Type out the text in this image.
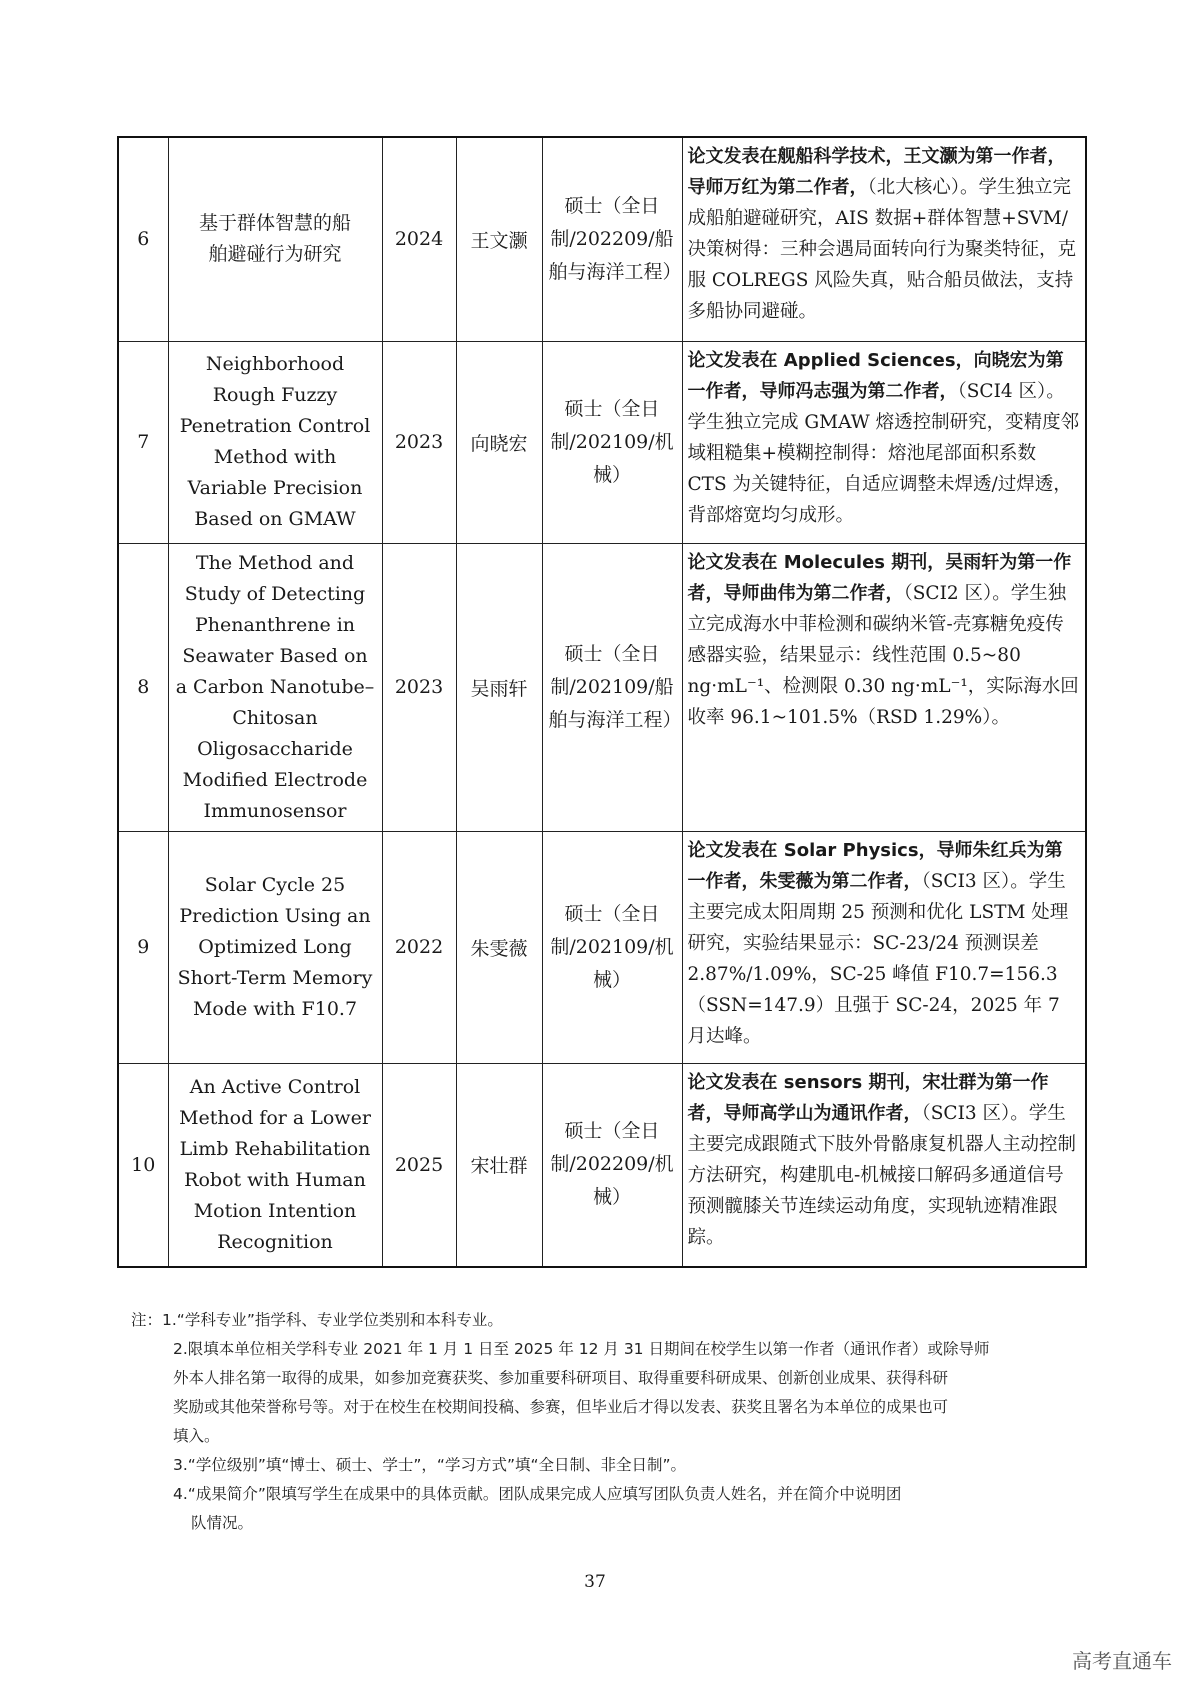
6	基于群体智慧的船舶避碰行为研究	2024	王文灏	硕士（全日制/202209/船舶与海洋工程）	论文发表在舰船科学技术，王文灏为第一作者，导师万红为第二作者，（北大核心）。学生独立完成船舶避碰研究，AIS 数据+群体智慧+SVM/决策树得：三种会遇局面转向行为聚类特征，克服 COLREGS 风险失真，贴合船员做法，支持多船协同避碰。
7	Neighborhood Rough Fuzzy Penetration Control Method with Variable Precision Based on GMAW	2023	向晓宏	硕士（全日制/202109/机械）	论文发表在 Applied Sciences，向晓宏为第一作者，导师冯志强为第二作者，（SCI4 区）。学生独立完成 GMAW 熔透控制研究，变精度邻域粗糙集+模糊控制得：熔池尾部面积系数 CTS 为关键特征，自适应调整未焊透/过焊透，背部熔宽均匀成形。
8	The Method and Study of Detecting Phenanthrene in Seawater Based on a Carbon Nanotube–Chitosan Oligosaccharide Modified Electrode Immunosensor	2023	吴雨轩	硕士（全日制/202109/船舶与海洋工程）	论文发表在 Molecules 期刊，吴雨轩为第一作者，导师曲伟为第二作者，（SCI2 区）。学生独立完成海水中菲检测和碳纳米管-壳寡糖免疫传感器实验，结果显示：线性范围 0.5~80 ng·mL⁻¹、检测限 0.30 ng·mL⁻¹，实际海水回收率 96.1~101.5%（RSD 1.29%）。
9	Solar Cycle 25 Prediction Using an Optimized Long Short-Term Memory Mode with F10.7	2022	朱雯薇	硕士（全日制/202109/机械）	论文发表在 Solar Physics，导师朱红兵为第一作者，朱雯薇为第二作者，（SCI3 区）。学生主要完成太阳周期 25 预测和优化 LSTM 处理研究，实验结果显示：SC-23/24 预测误差 2.87%/1.09%，SC-25 峰值 F10.7=156.3（SSN=147.9）且强于 SC-24，2025 年 7 月达峰。
10	An Active Control Method for a Lower Limb Rehabilitation Robot with Human Motion Intention Recognition	2025	宋壮群	硕士（全日制/202209/机械）	论文发表在 sensors 期刊，宋壮群为第一作者，导师高学山为通讯作者，（SCI3 区）。学生主要完成跟随式下肢外骨骼康复机器人主动控制方法研究，构建肌电-机械接口解码多通道信号预测髋膝关节连续运动角度，实现轨迹精准跟踪。
注：1.“学科专业”指学科、专业学位类别和本科专业。
2.限填本单位相关学科专业 2021 年 1 月 1 日至 2025 年 12 月 31 日期间在校学生以第一作者（通讯作者）或除导师
外本人排名第一取得的成果，如参加竞赛获奖、参加重要科研项目、取得重要科研成果、创新创业成果、获得科研
奖励或其他荣誉称号等。对于在校生在校期间投稿、参赛，但毕业后才得以发表、获奖且署名为本单位的成果也可
填入。
3.“学位级别”填“博士、硕士、学士”，“学习方式”填“全日制、非全日制”。
4.“成果简介”限填写学生在成果中的具体贡献。团队成果完成人应填写团队负责人姓名，并在简介中说明团
队情况。
37
高考直通车
